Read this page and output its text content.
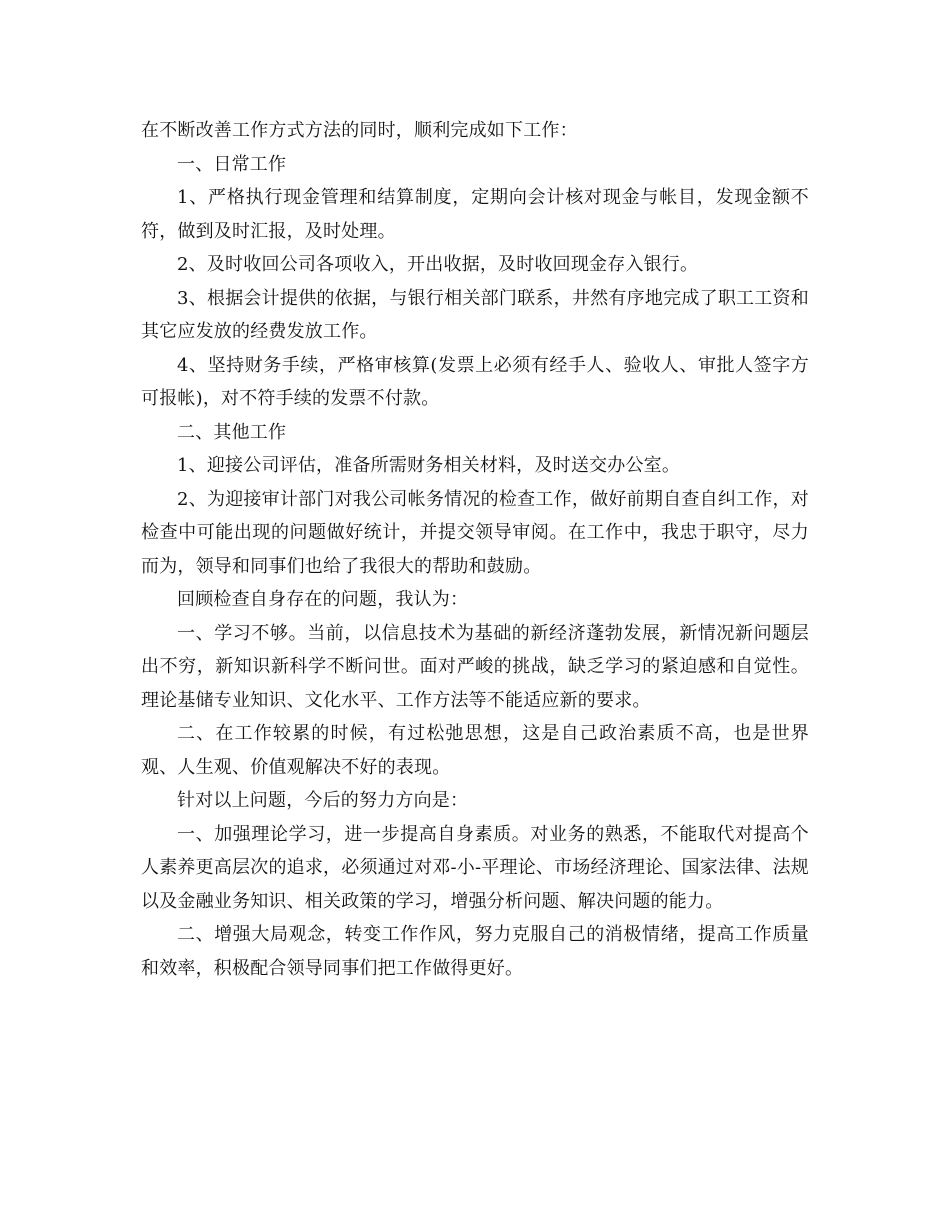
在不断改善工作方式方法的同时，顺利完成如下工作：

一、日常工作

1、严格执行现金管理和结算制度，定期向会计核对现金与帐目，发现金额不符，做到及时汇报，及时处理。

2、及时收回公司各项收入，开出收据，及时收回现金存入银行。

3、根据会计提供的依据，与银行相关部门联系，井然有序地完成了职工工资和其它应发放的经费发放工作。

4、坚持财务手续，严格审核算(发票上必须有经手人、验收人、审批人签字方可报帐)，对不符手续的发票不付款。

二、其他工作

1、迎接公司评估，准备所需财务相关材料，及时送交办公室。

2、为迎接审计部门对我公司帐务情况的检查工作，做好前期自查自纠工作，对检查中可能出现的问题做好统计，并提交领导审阅。在工作中，我忠于职守，尽力而为，领导和同事们也给了我很大的帮助和鼓励。

回顾检查自身存在的问题，我认为：

一、学习不够。当前，以信息技术为基础的新经济蓬勃发展，新情况新问题层出不穷，新知识新科学不断问世。面对严峻的挑战，缺乏学习的紧迫感和自觉性。理论基储专业知识、文化水平、工作方法等不能适应新的要求。

二、在工作较累的时候，有过松弛思想，这是自己政治素质不高，也是世界观、人生观、价值观解决不好的表现。

针对以上问题，今后的努力方向是：

一、加强理论学习，进一步提高自身素质。对业务的熟悉，不能取代对提高个人素养更高层次的追求，必须通过对邓-小-平理论、市场经济理论、国家法律、法规以及金融业务知识、相关政策的学习，增强分析问题、解决问题的能力。

二、增强大局观念，转变工作作风，努力克服自己的消极情绪，提高工作质量和效率，积极配合领导同事们把工作做得更好。
